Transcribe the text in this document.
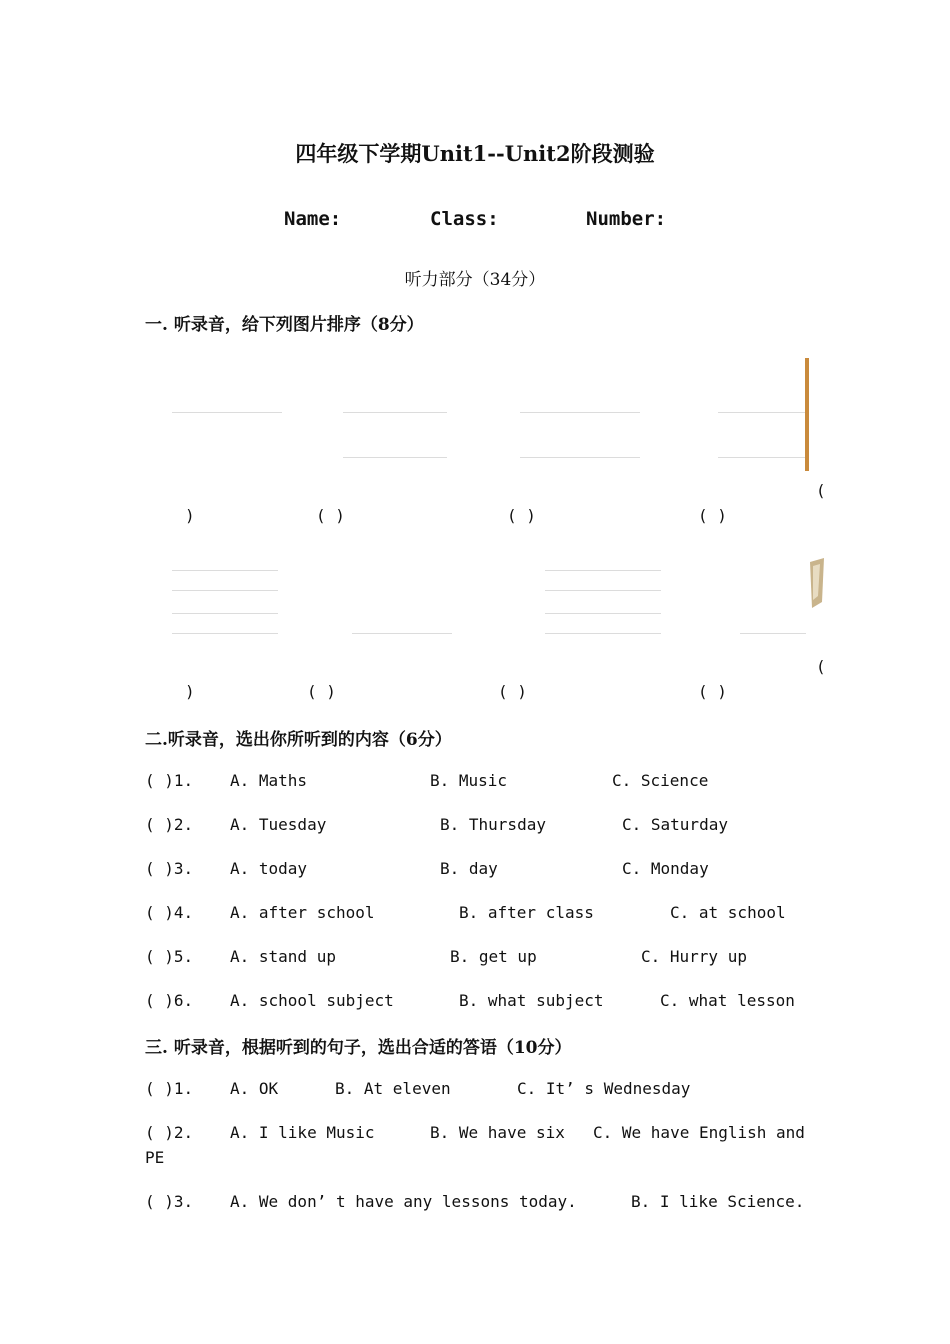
四年级下学期Unit1--Unit2阶段测验
Name:	Class:	Number:
听力部分（34分）
一. 听录音，给下列图片排序（8分）
(
)	( )	( )	( )
(
)	( )	( )	( )
二.听录音，选出你所听到的内容（6分）
( )1. A. Maths	B. Music	C. Science
( )2. A. Tuesday	B. Thursday	C. Saturday
( )3. A. today	B. day	C. Monday
( )4. A. after school	B. after class	C. at school
( )5. A. stand up	B. get up	C. Hurry up
( )6. A. school subject	B. what subject	C. what lesson
三. 听录音，根据听到的句子，选出合适的答语（10分）
( )1. A. OK	B. At eleven	C. It’ s Wednesday
( )2. A. I like Music	B. We have six C. We have English and
PE
( )3. A. We don’ t have any lessons today.	B. I like Science.
